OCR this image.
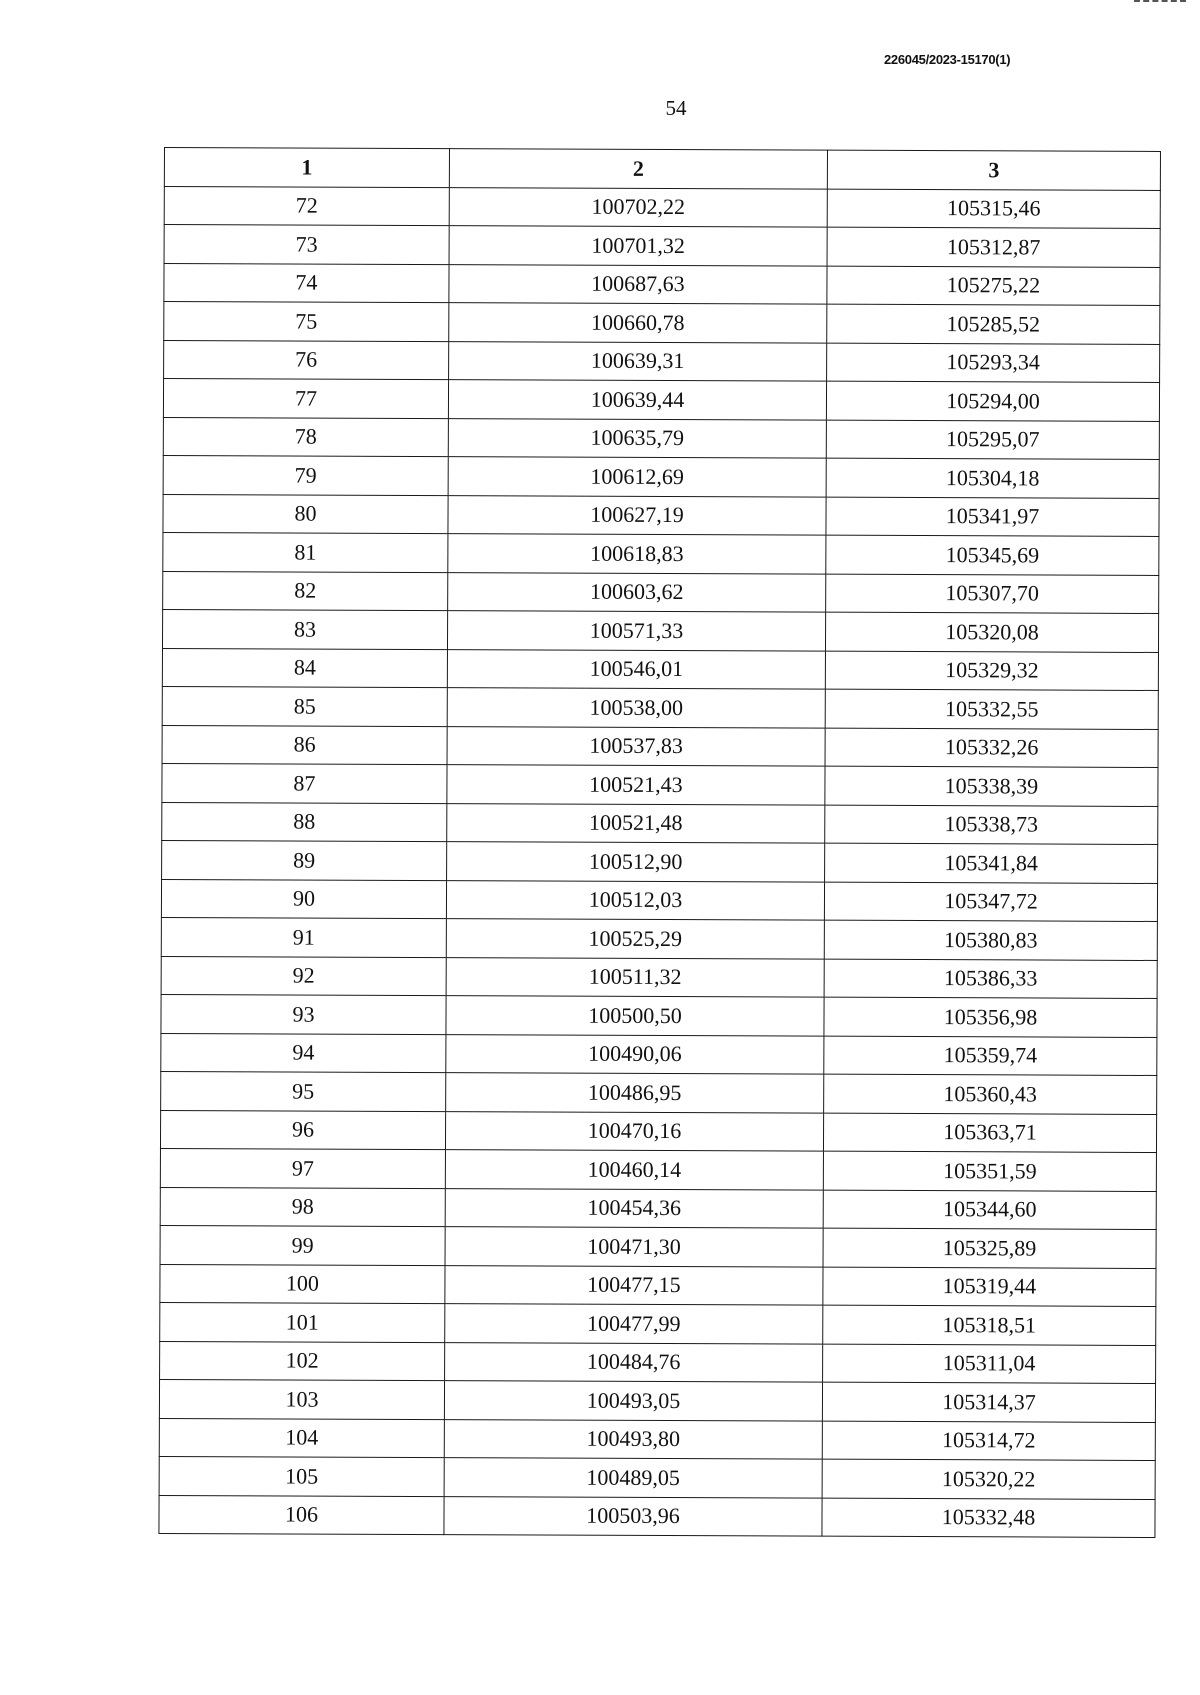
226045/2023-15170(1)
54
1	2	3
72	100702,22	105315,46
73	100701,32	105312,87
74	100687,63	105275,22
75	100660,78	105285,52
76	100639,31	105293,34
77	100639,44	105294,00
78	100635,79	105295,07
79	100612,69	105304,18
80	100627,19	105341,97
81	100618,83	105345,69
82	100603,62	105307,70
83	100571,33	105320,08
84	100546,01	105329,32
85	100538,00	105332,55
86	100537,83	105332,26
87	100521,43	105338,39
88	100521,48	105338,73
89	100512,90	105341,84
90	100512,03	105347,72
91	100525,29	105380,83
92	100511,32	105386,33
93	100500,50	105356,98
94	100490,06	105359,74
95	100486,95	105360,43
96	100470,16	105363,71
97	100460,14	105351,59
98	100454,36	105344,60
99	100471,30	105325,89
100	100477,15	105319,44
101	100477,99	105318,51
102	100484,76	105311,04
103	100493,05	105314,37
104	100493,80	105314,72
105	100489,05	105320,22
106	100503,96	105332,48
